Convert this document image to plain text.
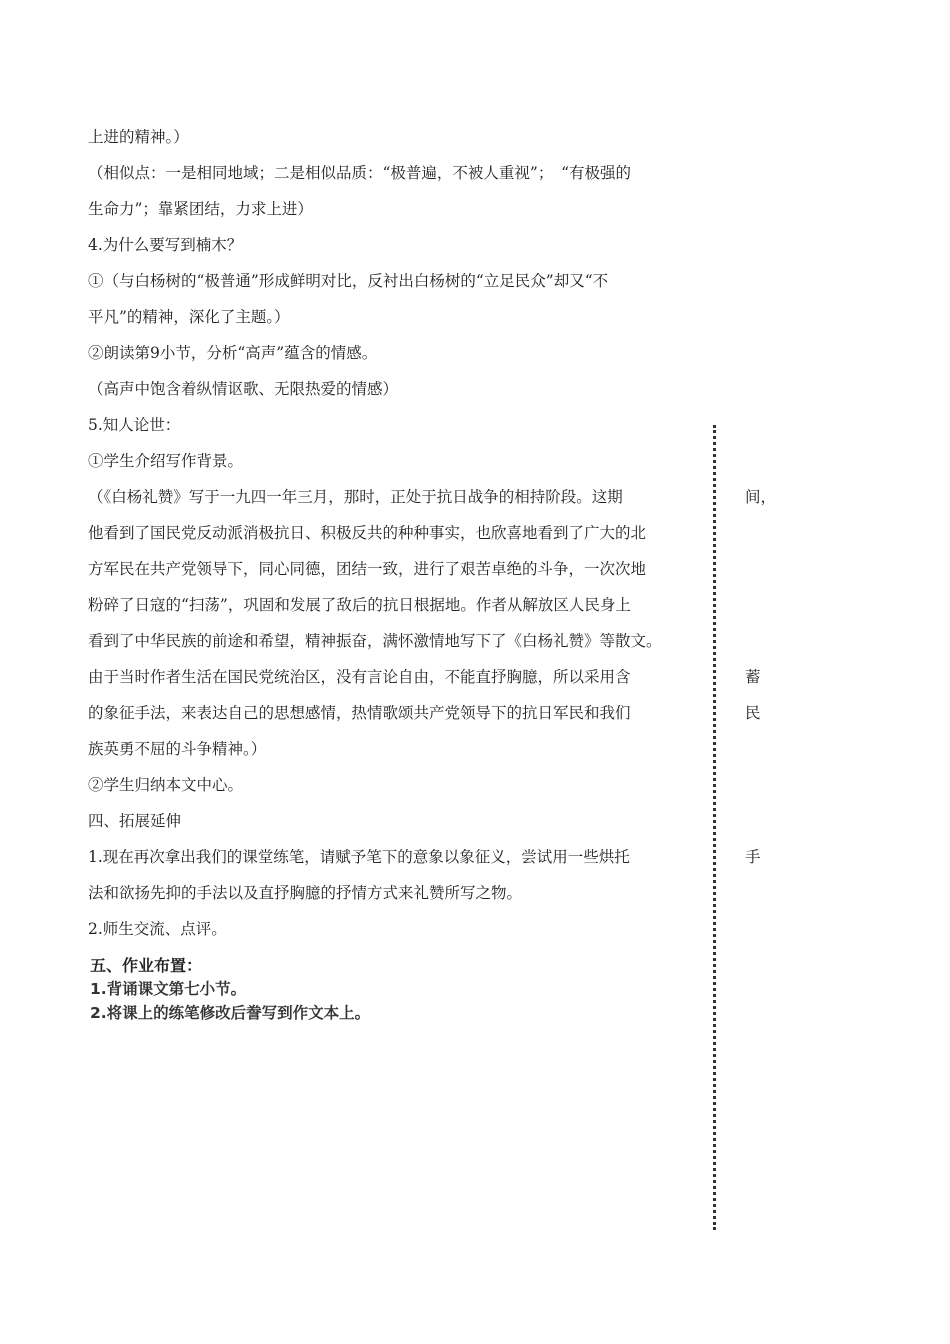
上进的精神。）
（相似点：一是相同地域；二是相似品质：“极普遍，不被人重视”；　“有极强的
生命力”；靠紧团结，力求上进）
4.为什么要写到楠木？
①（与白杨树的“极普通”形成鲜明对比，反衬出白杨树的“立足民众”却又“不
平凡”的精神，深化了主题。）
②朗读第9小节，分析“高声”蕴含的情感。
（高声中饱含着纵情讴歌、无限热爱的情感）
5.知人论世：
①学生介绍写作背景。
（《白杨礼赞》写于一九四一年三月，那时，正处于抗日战争的相持阶段。这期
他看到了国民党反动派消极抗日、积极反共的种种事实，也欣喜地看到了广大的北
方军民在共产党领导下，同心同德，团结一致，进行了艰苦卓绝的斗争，一次次地
粉碎了日寇的“扫荡”，巩固和发展了敌后的抗日根据地。作者从解放区人民身上
看到了中华民族的前途和希望，精神振奋，满怀激情地写下了《白杨礼赞》等散文。
由于当时作者生活在国民党统治区，没有言论自由，不能直抒胸臆，所以采用含
的象征手法，来表达自己的思想感情，热情歌颂共产党领导下的抗日军民和我们
族英勇不屈的斗争精神。）
②学生归纳本文中心。
四、拓展延伸
1.现在再次拿出我们的课堂练笔，请赋予笔下的意象以象征义，尝试用一些烘托
法和欲扬先抑的手法以及直抒胸臆的抒情方式来礼赞所写之物。
2.师生交流、点评。
五、作业布置：
1.背诵课文第七小节。
2.将课上的练笔修改后誊写到作文本上。
间，
蓄
民
手
